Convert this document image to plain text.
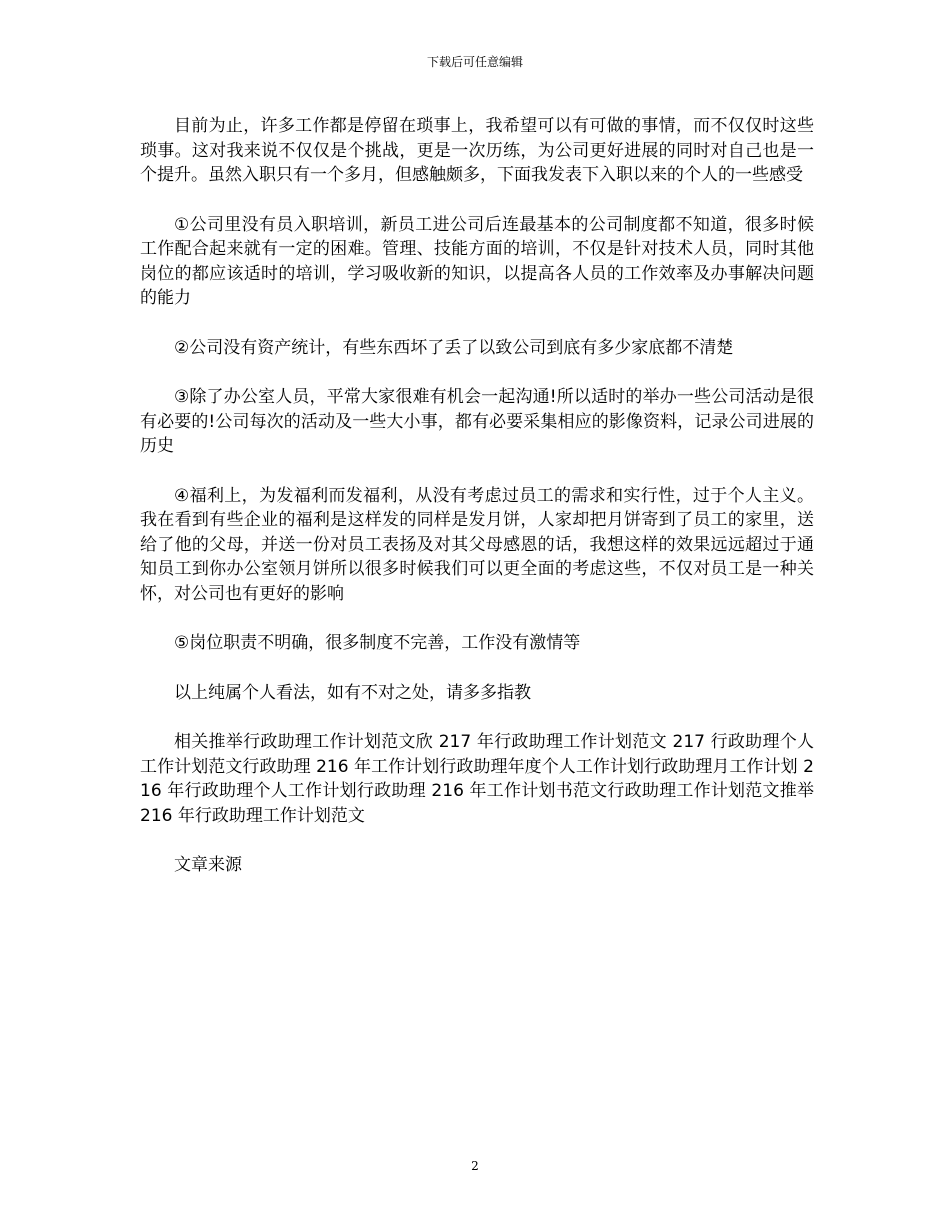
下载后可任意编辑

目前为止，许多工作都是停留在琐事上，我希望可以有可做的事情，而不仅仅时这些琐事。这对我来说不仅仅是个挑战，更是一次历练，为公司更好进展的同时对自己也是一个提升。虽然入职只有一个多月，但感触颇多，下面我发表下入职以来的个人的一些感受

①公司里没有员入职培训，新员工进公司后连最基本的公司制度都不知道，很多时候工作配合起来就有一定的困难。管理、技能方面的培训，不仅是针对技术人员，同时其他岗位的都应该适时的培训，学习吸收新的知识，以提高各人员的工作效率及办事解决问题的能力

②公司没有资产统计，有些东西坏了丢了以致公司到底有多少家底都不清楚

③除了办公室人员，平常大家很难有机会一起沟通!所以适时的举办一些公司活动是很有必要的!公司每次的活动及一些大小事，都有必要采集相应的影像资料，记录公司进展的历史

④福利上，为发福利而发福利，从没有考虑过员工的需求和实行性，过于个人主义。我在看到有些企业的福利是这样发的同样是发月饼，人家却把月饼寄到了员工的家里，送给了他的父母，并送一份对员工表扬及对其父母感恩的话，我想这样的效果远远超过于通知员工到你办公室领月饼所以很多时候我们可以更全面的考虑这些，不仅对员工是一种关怀，对公司也有更好的影响

⑤岗位职责不明确，很多制度不完善，工作没有激情等

以上纯属个人看法，如有不对之处，请多多指教

相关推举行政助理工作计划范文欣 217 年行政助理工作计划范文 217 行政助理个人工作计划范文行政助理 216 年工作计划行政助理年度个人工作计划行政助理月工作计划 216 年行政助理个人工作计划行政助理 216 年工作计划书范文行政助理工作计划范文推举 216 年行政助理工作计划范文

文章来源

2
